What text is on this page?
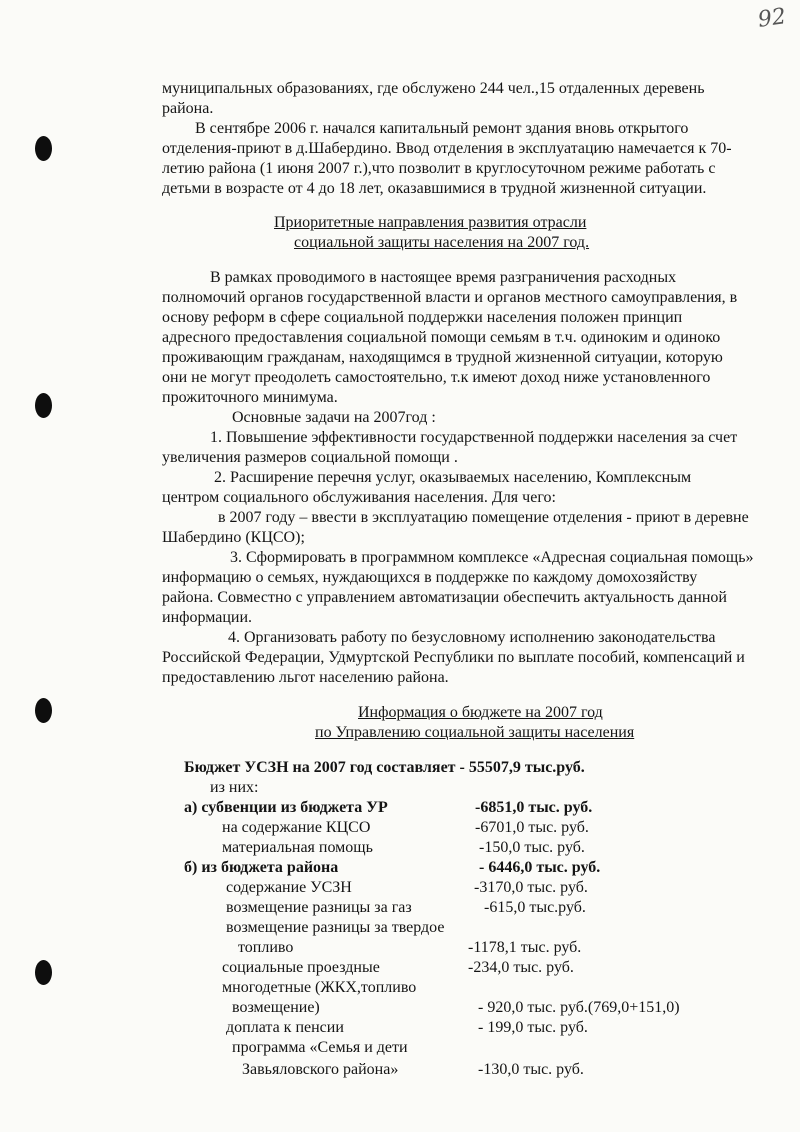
92
муниципальных образованиях, где обслужено 244 чел.,15 отдаленных деревень
района.
В сентябре 2006 г. начался капитальный ремонт здания вновь открытого
отделения-приют в д.Шабердино. Ввод отделения в эксплуатацию намечается к 70-
летию района (1 июня 2007 г.),что позволит в круглосуточном режиме работать с
детьми в возрасте от 4 до 18 лет, оказавшимися в трудной жизненной ситуации.
Приоритетные направления развития отрасли
социальной защиты населения на 2007 год.
В рамках проводимого в настоящее время разграничения расходных
полномочий органов государственной власти и органов местного самоуправления, в
основу реформ в сфере социальной поддержки населения положен принцип
адресного предоставления социальной помощи семьям в т.ч. одиноким и одиноко
проживающим гражданам, находящимся в трудной жизненной ситуации, которую
они не могут преодолеть самостоятельно, т.к имеют доход ниже установленного
прожиточного минимума.
Основные задачи на 2007год :
1. Повышение эффективности государственной поддержки населения за счет
увеличения размеров социальной помощи .
2. Расширение перечня услуг, оказываемых населению, Комплексным
центром социального обслуживания населения. Для чего:
в 2007 году – ввести в эксплуатацию помещение отделения - приют в деревне
Шабердино (КЦСО);
3. Сформировать в программном комплексе «Адресная социальная помощь»
информацию о семьях, нуждающихся в поддержке по каждому домохозяйству
района. Совместно с управлением автоматизации обеспечить актуальность данной
информации.
4. Организовать работу по безусловному исполнению законодательства
Российской Федерации, Удмуртской Республики по выплате пособий, компенсаций и
предоставлению льгот населению района.
Информация о бюджете на 2007 год
по Управлению социальной защиты населения
Бюджет УСЗН на 2007 год составляет - 55507,9 тыс.руб.
из них:
а) субвенции из бюджета УР	-6851,0 тыс. руб.
на содержание КЦСО	-6701,0 тыс. руб.
материальная помощь	-150,0 тыс. руб.
б) из бюджета района	- 6446,0 тыс. руб.
содержание УСЗН	-3170,0 тыс. руб.
возмещение разницы за газ	-615,0 тыс.руб.
возмещение разницы за твердое
топливо	-1178,1 тыс. руб.
социальные проездные	-234,0 тыс. руб.
многодетные (ЖКХ,топливо
возмещение)	- 920,0 тыс. руб.(769,0+151,0)
доплата к пенсии	- 199,0 тыс. руб.
программа «Семья и дети
Завьяловского района»	-130,0 тыс. руб.
